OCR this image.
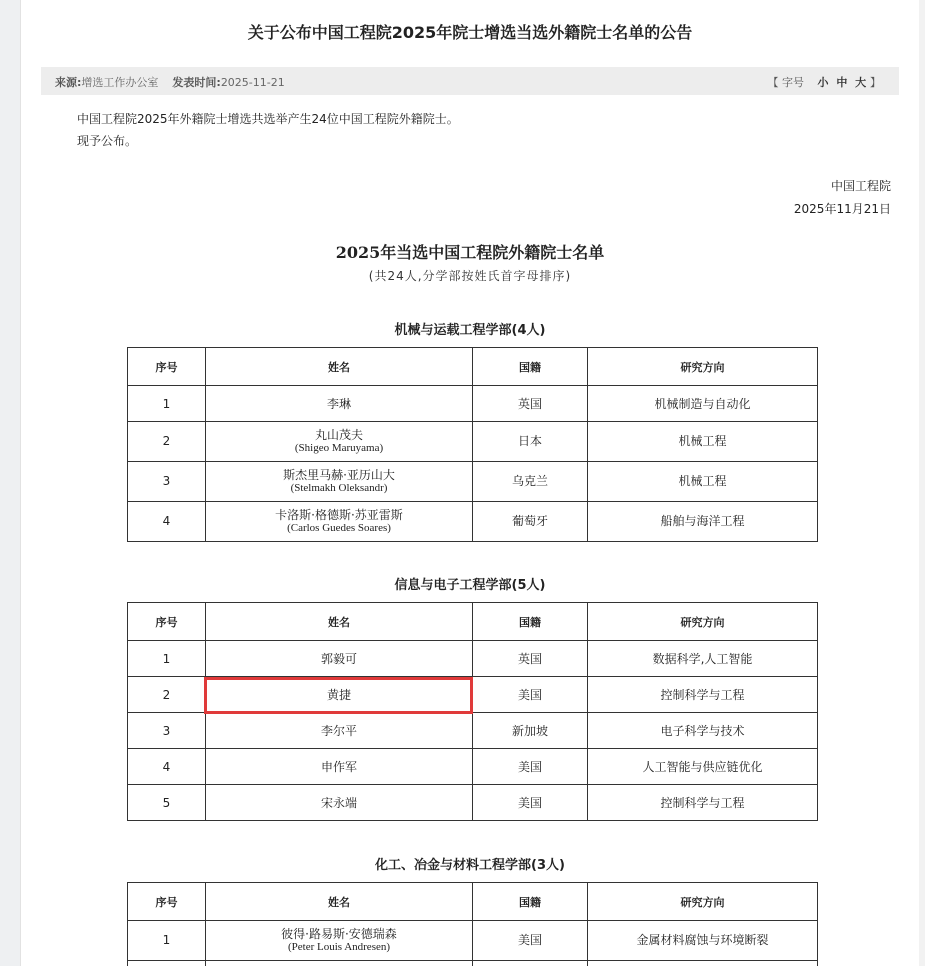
关于公布中国工程院2025年院士增选当选外籍院士名单的公告
来源:增选工作办公室 发表时间:2025-11-21	【 字号 小 中 大 】
中国工程院2025年外籍院士增选共选举产生24位中国工程院外籍院士。
现予公布。
中国工程院
2025年11月21日
2025年当选中国工程院外籍院士名单
(共24人,分学部按姓氏首字母排序)
机械与运载工程学部(4人)
序号	姓名	国籍	研究方向
1	李琳	英国	机械制造与自动化
2	丸山茂夫
(Shigeo Maruyama)	日本	机械工程
3	斯杰里马赫·亚历山大
(Stelmakh Oleksandr)	乌克兰	机械工程
4	卡洛斯·格德斯·苏亚雷斯
(Carlos Guedes Soares)	葡萄牙	船舶与海洋工程
信息与电子工程学部(5人)
序号	姓名	国籍	研究方向
1	郭毅可	英国	数据科学,人工智能
2	黄捷	美国	控制科学与工程
3	李尔平	新加坡	电子科学与技术
4	申作军	美国	人工智能与供应链优化
5	宋永端	美国	控制科学与工程
化工、冶金与材料工程学部(3人)
序号	姓名	国籍	研究方向
1	彼得·路易斯·安德瑞森
(Peter Louis Andresen)	美国	金属材料腐蚀与环境断裂
